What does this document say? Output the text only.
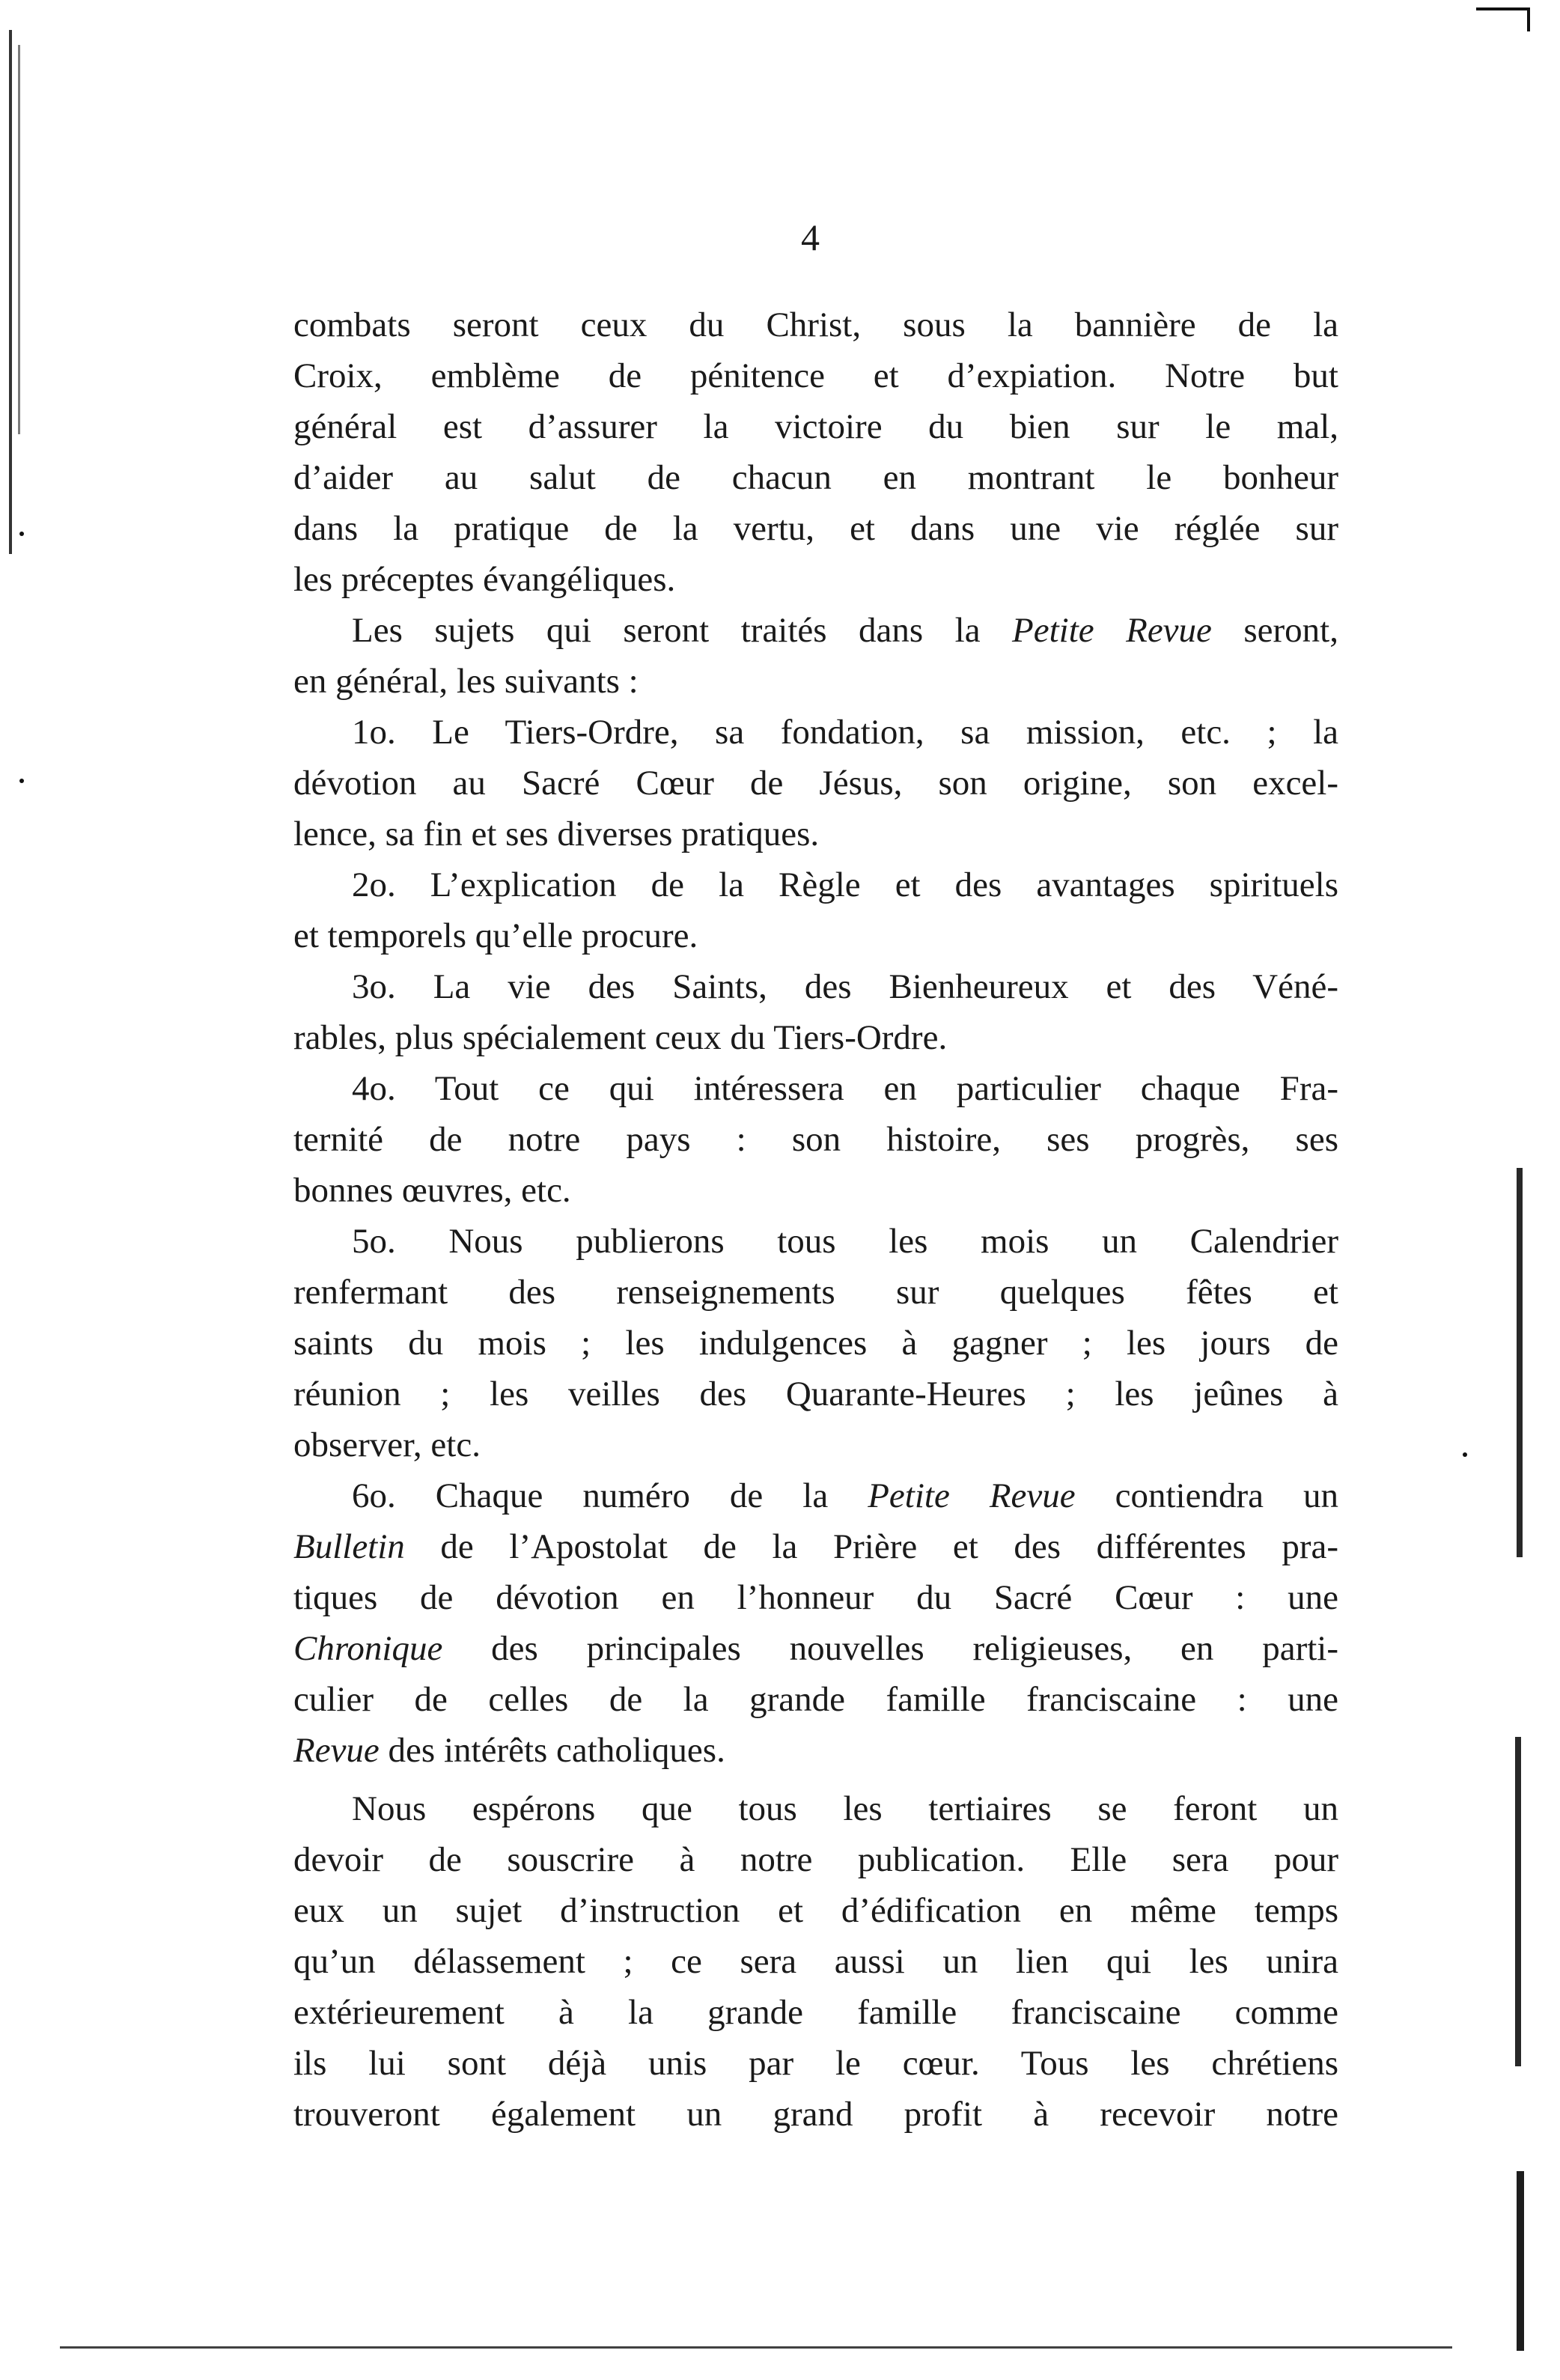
4
combats seront ceux du Christ, sous la bannière de la
Croix, emblème de pénitence et d’expiation. Notre but
général est d’assurer la victoire du bien sur le mal,
d’aider au salut de chacun en montrant le bonheur
dans la pratique de la vertu, et dans une vie réglée sur
les préceptes évangéliques.
Les sujets qui seront traités dans la Petite Revue seront,
en général, les suivants :
1o. Le Tiers-Ordre, sa fondation, sa mission, etc. ; la
dévotion au Sacré Cœur de Jésus, son origine, son excel-
lence, sa fin et ses diverses pratiques.
2o. L’explication de la Règle et des avantages spirituels
et temporels qu’elle procure.
3o. La vie des Saints, des Bienheureux et des Véné-
rables, plus spécialement ceux du Tiers-Ordre.
4o. Tout ce qui intéressera en particulier chaque Fra-
ternité de notre pays : son histoire, ses progrès, ses
bonnes œuvres, etc.
5o. Nous publierons tous les mois un Calendrier
renfermant des renseignements sur quelques fêtes et
saints du mois ; les indulgences à gagner ; les jours de
réunion ; les veilles des Quarante-Heures ; les jeûnes à
observer, etc.
6o. Chaque numéro de la Petite Revue contiendra un
Bulletin de l’Apostolat de la Prière et des différentes pra-
tiques de dévotion en l’honneur du Sacré Cœur : une
Chronique des principales nouvelles religieuses, en parti-
culier de celles de la grande famille franciscaine : une
Revue des intérêts catholiques.
Nous espérons que tous les tertiaires se feront un
devoir de souscrire à notre publication. Elle sera pour
eux un sujet d’instruction et d’édification en même temps
qu’un délassement ; ce sera aussi un lien qui les unira
extérieurement à la grande famille franciscaine comme
ils lui sont déjà unis par le cœur. Tous les chrétiens
trouveront également un grand profit à recevoir notre
